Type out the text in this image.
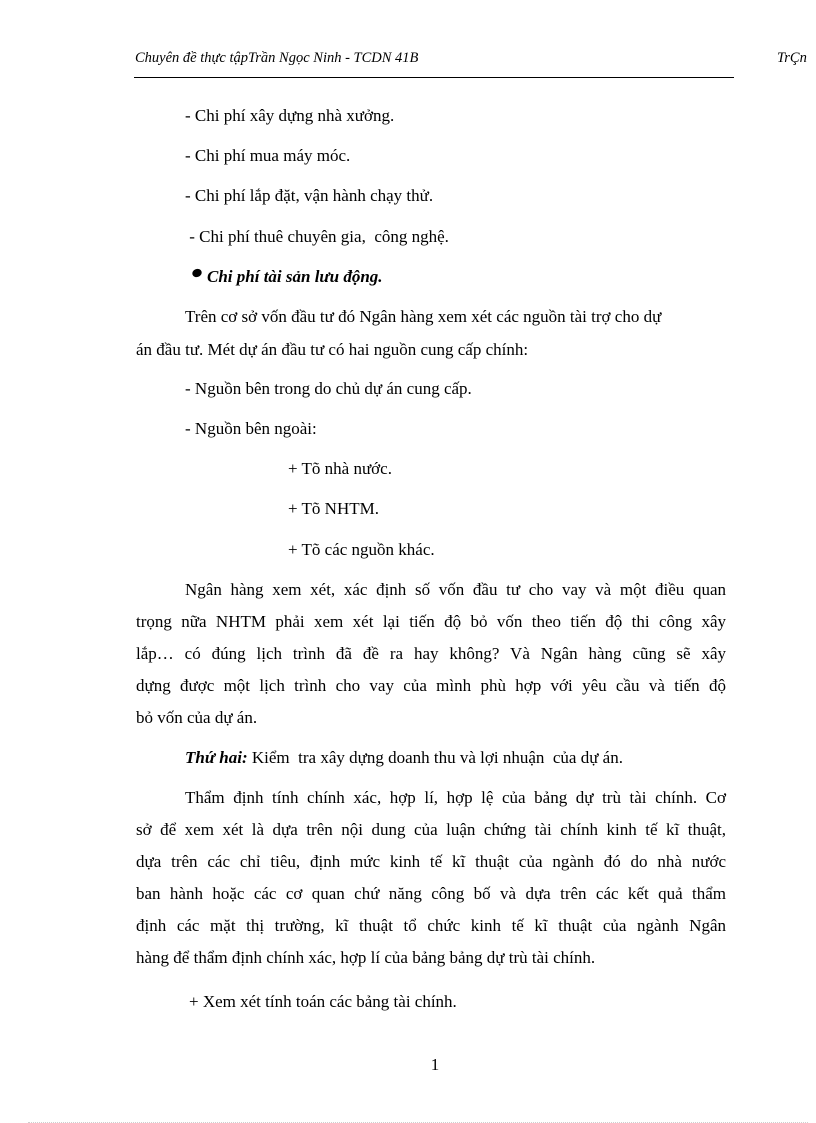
Chuyên đề thực tậpTrần Ngọc Ninh - TCDN 41B	TrÇn
- Chi phí xây dựng nhà xưởng.
- Chi phí mua máy móc.
- Chi phí lắp đặt, vận hành chạy thử.
- Chi phí thuê chuyên gia,  công nghệ.
Chi phí tài sản lưu động.
Trên cơ sở vốn đầu tư đó Ngân hàng xem xét các nguồn tài trợ cho dự
án đầu tư. Mét dự án đầu tư có hai nguồn cung cấp chính:
- Nguồn bên trong do chủ dự án cung cấp.
- Nguồn bên ngoài:
+ Tõ nhà nước.
+ Tõ NHTM.
+ Tõ các nguồn khác.
Ngân hàng xem xét, xác định số vốn đầu tư cho vay và một điều quan
trọng nữa NHTM phải xem xét lại tiến độ bỏ vốn theo tiến độ thi công xây
lắp… có đúng lịch trình đã đề ra hay không? Và Ngân hàng cũng sẽ xây
dựng được một lịch trình cho vay của mình phù hợp với yêu cầu và tiến độ
bỏ vốn của dự án.
Thứ hai: Kiểm  tra xây dựng doanh thu và lợi nhuận  của dự án.
Thẩm định tính chính xác, hợp lí, hợp lệ của bảng dự trù tài chính. Cơ
sở để xem xét là dựa trên nội dung của luận chứng tài chính kinh tế kĩ thuật,
dựa trên các chỉ tiêu, định mức kinh tế kĩ thuật của ngành đó do nhà nước
ban hành hoặc các cơ quan chứ năng công bố và dựa trên các kết quả thẩm
định các mặt thị trường, kĩ thuật tổ chức kinh tế kĩ thuật của ngành Ngân
hàng để thẩm định chính xác, hợp lí của bảng bảng dự trù tài chính.
+ Xem xét tính toán các bảng tài chính.
1
